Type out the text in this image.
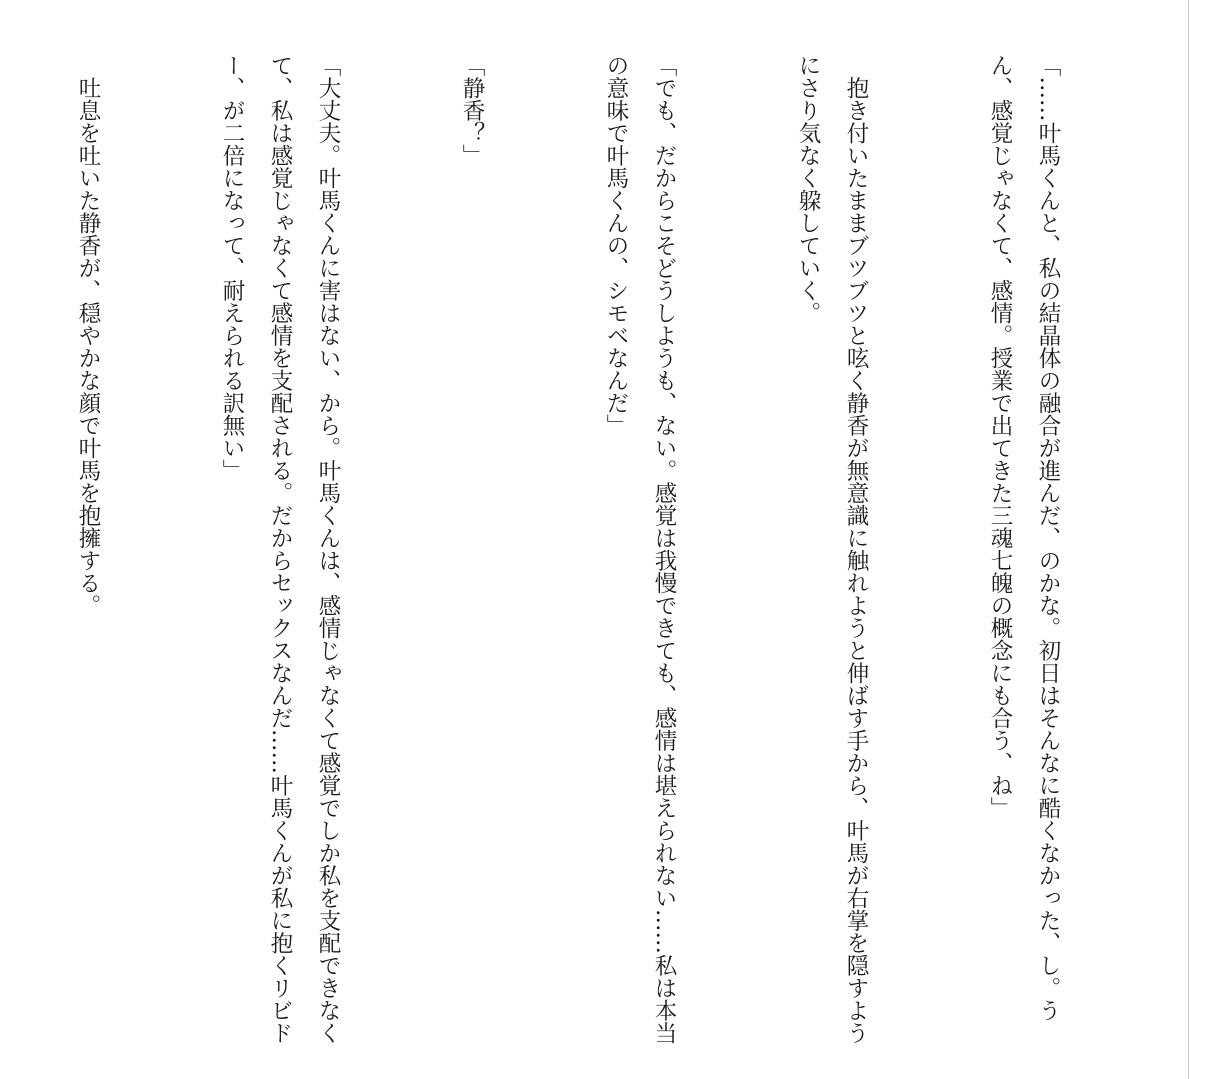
「……叶馬くんと、私の結晶体の融合が進んだ、のかな。初日はそんなに酷くなかった、し。うん、感覚じゃなくて、感情。授業で出てきた三魂七魄の概念にも合う、ね」

　抱き付いたままブツブツと呟く静香が無意識に触れようと伸ばす手から、叶馬が右掌を隠すようにさり気なく躱していく。

「でも、だからこそどうしようも、ない。感覚は我慢できても、感情は堪えられない……私は本当の意味で叶馬くんの、シモベなんだ」

「静香？」

「大丈夫。叶馬くんに害はない、から。叶馬くんは、感情じゃなくて感覚でしか私を支配できなくて、私は感覚じゃなくて感情を支配される。だからセックスなんだ……叶馬くんが私に抱くリビドー、が二倍になって、耐えられる訳無い」

　吐息を吐いた静香が、穏やかな顔で叶馬を抱擁する。
